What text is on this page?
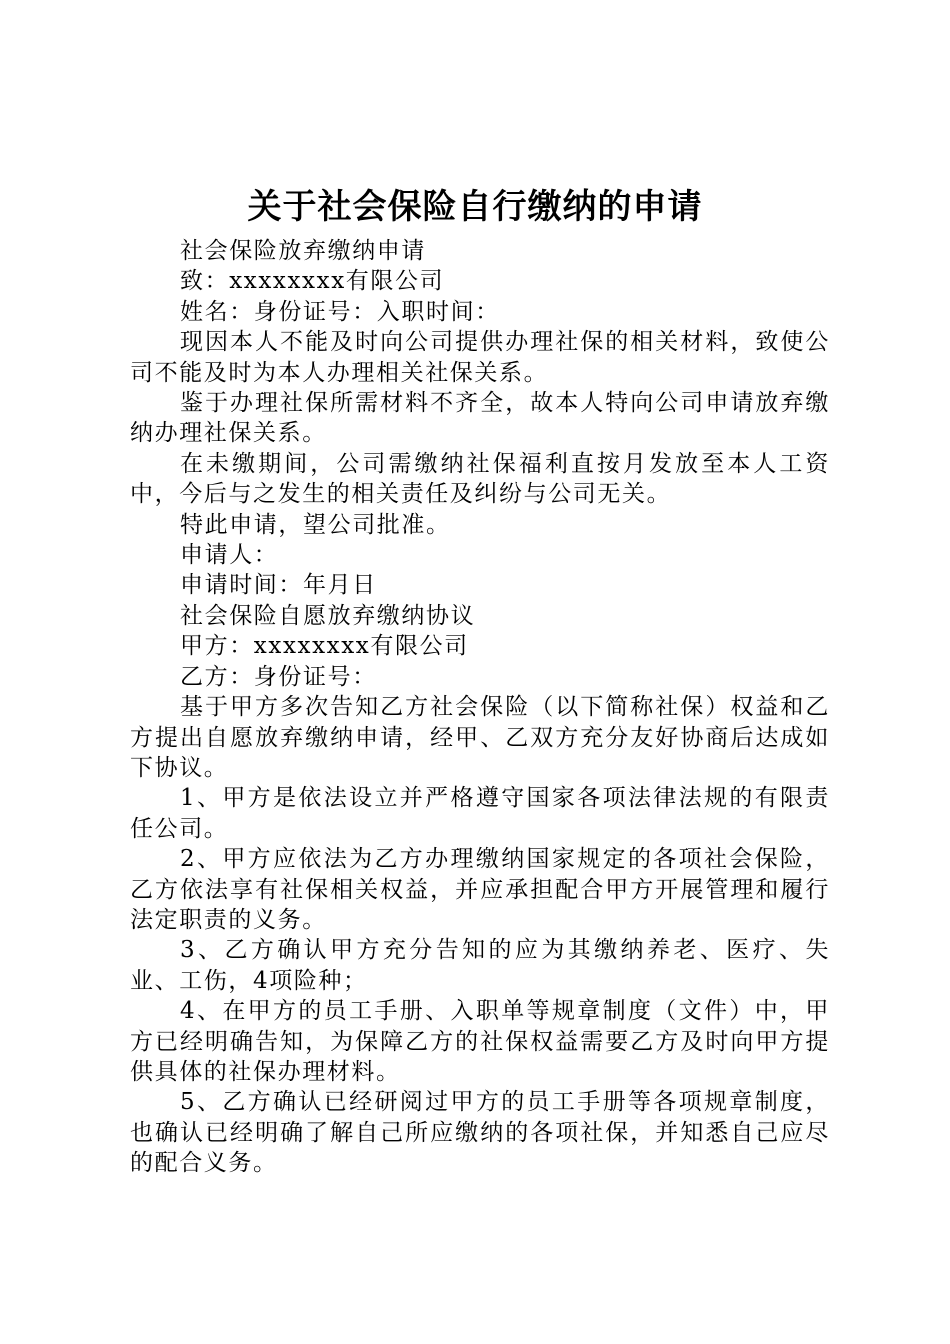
关于社会保险自行缴纳的申请

社会保险放弃缴纳申请

致：xxxxxxxx有限公司

姓名：身份证号：入职时间：

现因本人不能及时向公司提供办理社保的相关材料，致使公司不能及时为本人办理相关社保关系。

鉴于办理社保所需材料不齐全，故本人特向公司申请放弃缴纳办理社保关系。

在未缴期间，公司需缴纳社保福利直按月发放至本人工资中，今后与之发生的相关责任及纠纷与公司无关。

特此申请，望公司批准。

申请人：

申请时间：年月日

社会保险自愿放弃缴纳协议

甲方：xxxxxxxx有限公司

乙方：身份证号：

基于甲方多次告知乙方社会保险（以下简称社保）权益和乙方提出自愿放弃缴纳申请，经甲、乙双方充分友好协商后达成如下协议。

1、甲方是依法设立并严格遵守国家各项法律法规的有限责任公司。

2、甲方应依法为乙方办理缴纳国家规定的各项社会保险，乙方依法享有社保相关权益，并应承担配合甲方开展管理和履行法定职责的义务。

3、乙方确认甲方充分告知的应为其缴纳养老、医疗、失业、工伤，4项险种；

4、在甲方的员工手册、入职单等规章制度（文件）中，甲方已经明确告知，为保障乙方的社保权益需要乙方及时向甲方提供具体的社保办理材料。

5、乙方确认已经研阅过甲方的员工手册等各项规章制度，也确认已经明确了解自己所应缴纳的各项社保，并知悉自己应尽的配合义务。
